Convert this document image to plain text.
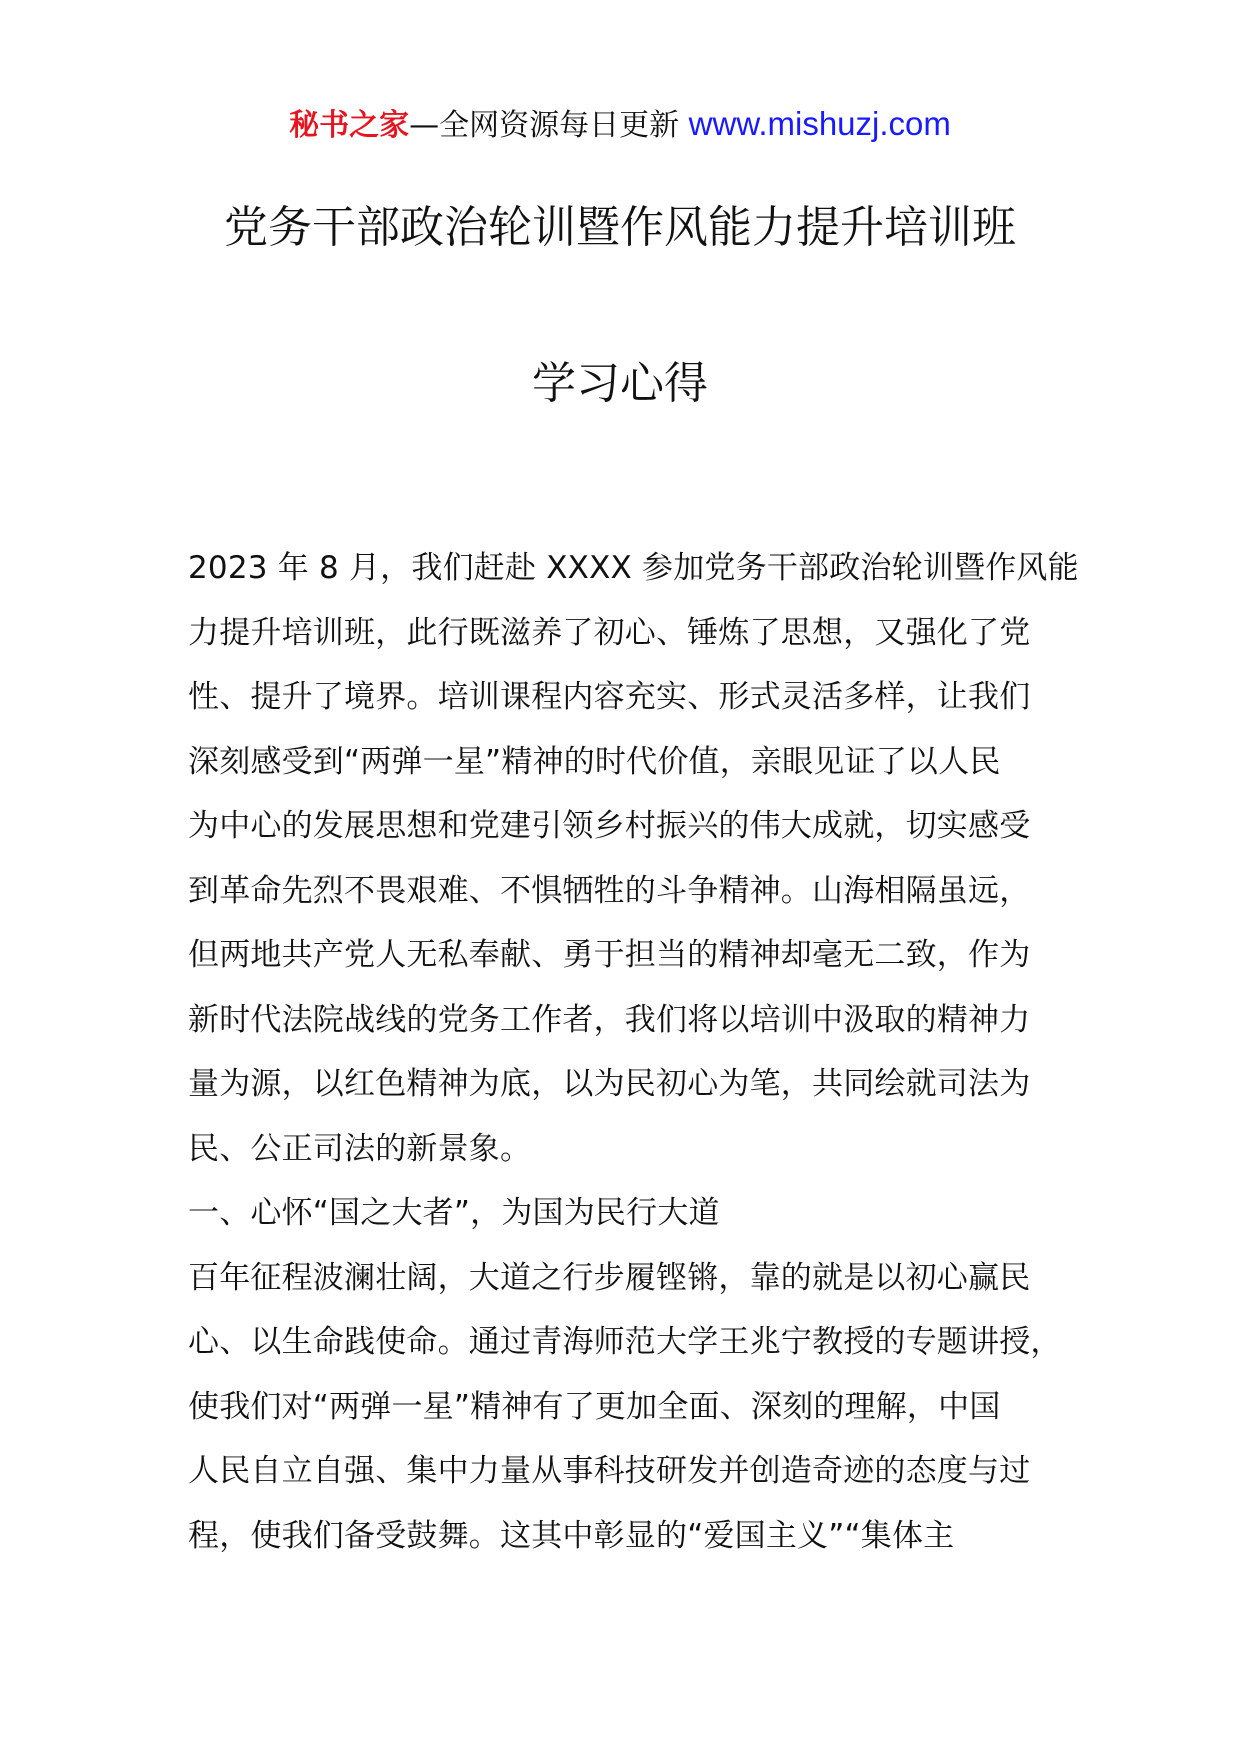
秘书之家—全网资源每日更新 www.mishuzj.com
党务干部政治轮训暨作风能力提升培训班
学习心得
2023 年 8 月，我们赶赴 XXXX 参加党务干部政治轮训暨作风能
力提升培训班，此行既滋养了初心、锤炼了思想，又强化了党
性、提升了境界。培训课程内容充实、形式灵活多样，让我们
深刻感受到“两弹一星”精神的时代价值，亲眼见证了以人民
为中心的发展思想和党建引领乡村振兴的伟大成就，切实感受
到革命先烈不畏艰难、不惧牺牲的斗争精神。山海相隔虽远，
但两地共产党人无私奉献、勇于担当的精神却毫无二致，作为
新时代法院战线的党务工作者，我们将以培训中汲取的精神力
量为源，以红色精神为底，以为民初心为笔，共同绘就司法为
民、公正司法的新景象。
一、心怀“国之大者”，为国为民行大道
百年征程波澜壮阔，大道之行步履铿锵，靠的就是以初心赢民
心、以生命践使命。通过青海师范大学王兆宁教授的专题讲授，
使我们对“两弹一星”精神有了更加全面、深刻的理解，中国
人民自立自强、集中力量从事科技研发并创造奇迹的态度与过
程，使我们备受鼓舞。这其中彰显的“爱国主义”“集体主
